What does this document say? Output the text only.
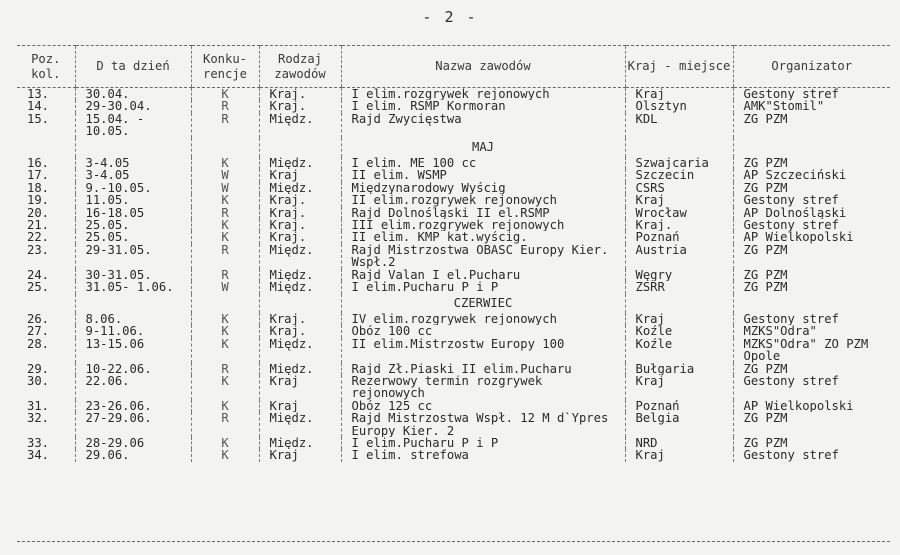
- 2 -
Poz. kol.	D ta dzień	Konku- rencje	Rodzaj zawodów	Nazwa zawodów	Kraj - miejsce	Organizator
13.	30.04.	K	Kraj.	I elim.rozgrywek rejonowych	Kraj	Gestony stref
14.	29-30.04.	R	Kraj.	I elim. RSMP Kormoran	Olsztyn	AMK"Stomil"
15.	15.04. - 10.05.	R	Międz.	Rajd Zwycięstwa	KDL	ZG PZM
				MAJ		
16.	3-4.05	K	Międz.	I elim. ME 100 cc	Szwajcaria	ZG PZM
17.	3-4.05	W	Kraj	II elim. WSMP	Szczecin	AP Szczeciński
18.	9.-10.05.	W	Międz.	Międzynarodowy Wyścig	CSRS	ZG PZM
19.	11.05.	K	Kraj.	II elim.rozgrywek rejonowych	Kraj	Gestony stref
20.	16-18.05	R	Kraj.	Rajd Dolnośląski II el.RSMP	Wrocław	AP Dolnośląski
21.	25.05.	K	Kraj.	III elim.rozgrywek rejonowych	Kraj.	Gestony stref
22.	25.05.	K	Kraj.	II elim. KMP kat.wyścig.	Poznań	AP Wielkopolski
23.	29-31.05.	R	Międz.	Rajd Mistrzostwa OBASC Europy Kier. Wspł.2	Austria	ZG PZM
24.	30-31.05.	R	Międz.	Rajd Valan I el.Pucharu	Węgry	ZG PZM
25.	31.05- 1.06.	W	Międz.	I elim.Pucharu P i P	ZSRR	ZG PZM
				CZERWIEC		
26.	8.06.	K	Kraj.	IV elim.rozgrywek rejonowych	Kraj	Gestony stref
27.	9-11.06.	K	Kraj.	Obóz 100 cc	Koźle	MZKS"Odra"
28.	13-15.06	K	Międz.	II elim.Mistrzostw Europy 100	Koźle	MZKS"Odra" ZO PZM Opole
29.	10-22.06.	R	Międz.	Rajd Zł.Piaski II elim.Pucharu	Bułgaria	ZG PZM
30.	22.06.	K	Kraj	Rezerwowy termin rozgrywek rejonowych	Kraj	Gestony stref
31.	23-26.06.	K	Kraj	Obóz 125 cc	Poznań	AP Wielkopolski
32.	27-29.06.	R	Międz.	Rajd Mistrzostwa Wspł. 12 M d`Ypres Europy Kier. 2	Belgia	ZG PZM
33.	28-29.06	K	Międz.	I elim.Pucharu P i P	NRD	ZG PZM
34.	29.06.	K	Kraj	I elim. strefowa	Kraj	Gestony stref
